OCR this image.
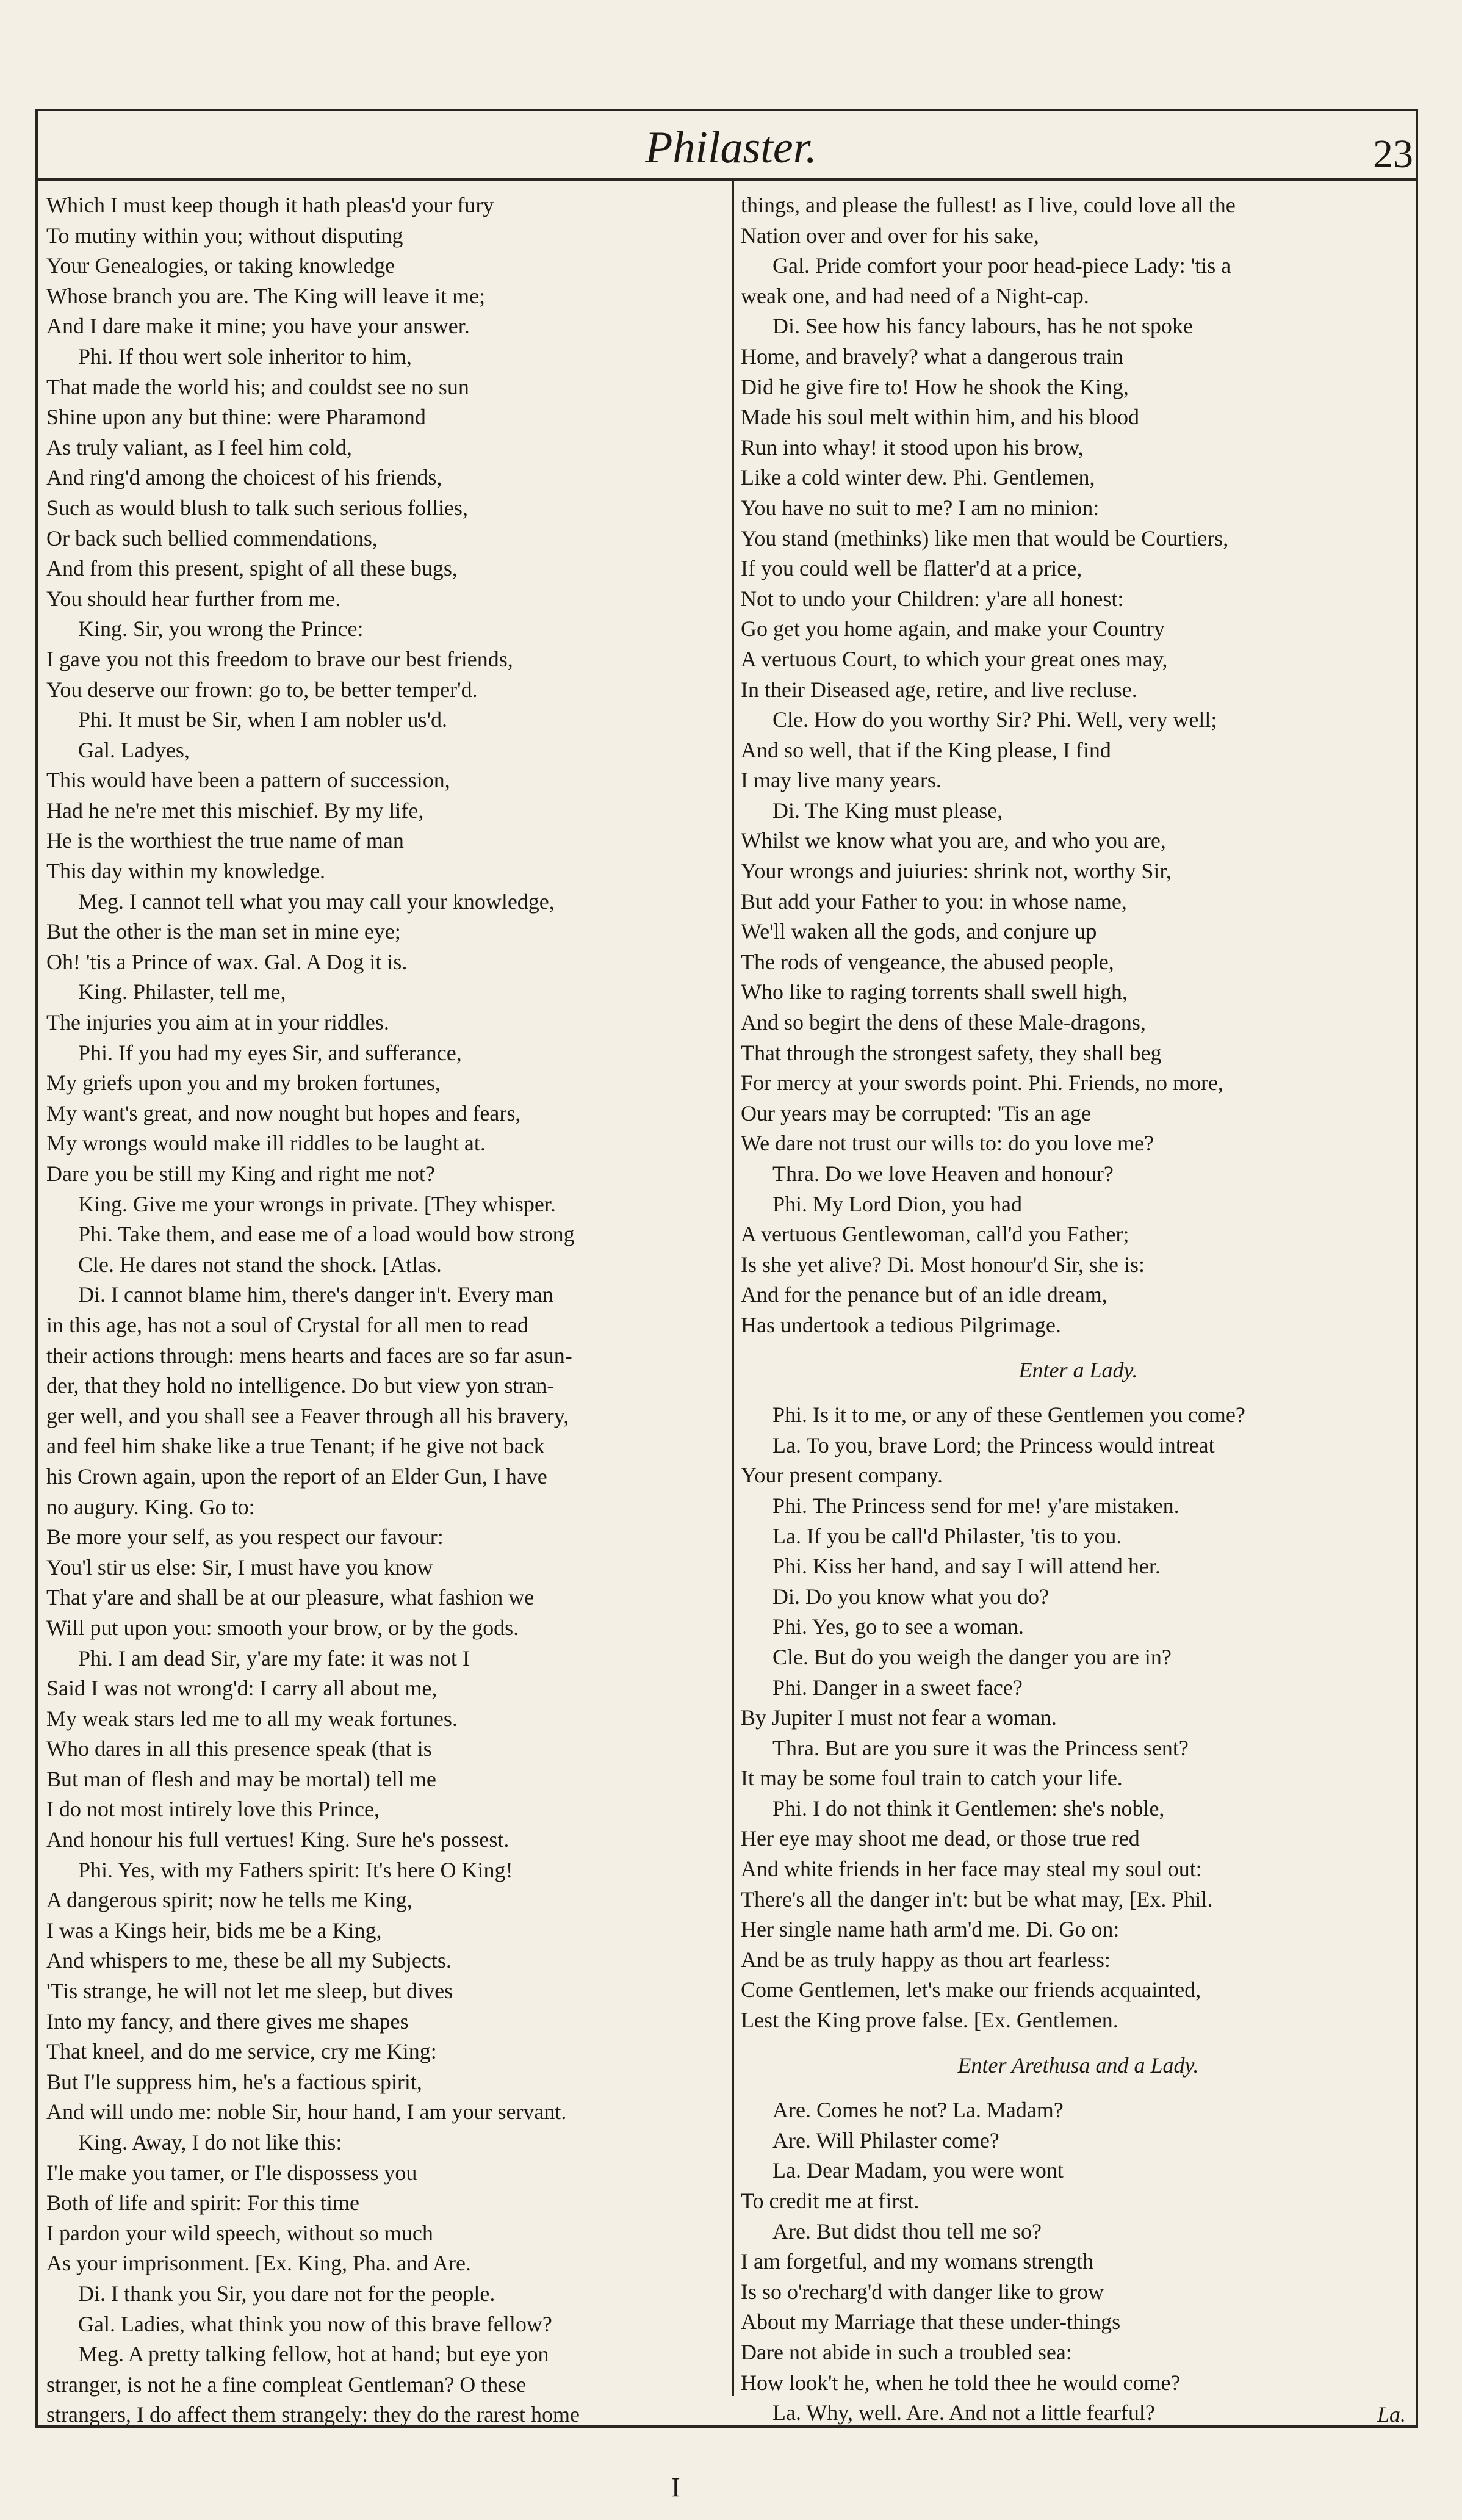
Philaster.	23
Which I must keep though it hath pleas'd your fury
To mutiny within you; without disputing
Your Genealogies, or taking knowledge
Whose branch you are. The King will leave it me;
And I dare make it mine; you have your answer.
Phi. If thou wert sole inheritor to him,
That made the world his; and couldst see no sun
Shine upon any but thine: were Pharamond
As truly valiant, as I feel him cold,
And ring'd among the choicest of his friends,
Such as would blush to talk such serious follies,
Or back such bellied commendations,
And from this present, spight of all these bugs,
You should hear further from me.
King. Sir, you wrong the Prince:
I gave you not this freedom to brave our best friends,
You deserve our frown: go to, be better temper'd.
Phi. It must be Sir, when I am nobler us'd.
Gal. Ladyes,
This would have been a pattern of succession,
Had he ne're met this mischief. By my life,
He is the worthiest the true name of man
This day within my knowledge.
Meg. I cannot tell what you may call your knowledge,
But the other is the man set in mine eye;
Oh! 'tis a Prince of wax. Gal. A Dog it is.
King. Philaster, tell me,
The injuries you aim at in your riddles.
Phi. If you had my eyes Sir, and sufferance,
My griefs upon you and my broken fortunes,
My want's great, and now nought but hopes and fears,
My wrongs would make ill riddles to be laught at.
Dare you be still my King and right me not?
King. Give me your wrongs in private. [They whisper.
Phi. Take them, and ease me of a load would bow strong
Cle. He dares not stand the shock. [Atlas.
Di. I cannot blame him, there's danger in't. Every man
in this age, has not a soul of Crystal for all men to read
their actions through: mens hearts and faces are so far asun-
der, that they hold no intelligence. Do but view yon stran-
ger well, and you shall see a Feaver through all his bravery,
and feel him shake like a true Tenant; if he give not back
his Crown again, upon the report of an Elder Gun, I have
no augury. King. Go to:
Be more your self, as you respect our favour:
You'l stir us else: Sir, I must have you know
That y'are and shall be at our pleasure, what fashion we
Will put upon you: smooth your brow, or by the gods.
Phi. I am dead Sir, y'are my fate: it was not I
Said I was not wrong'd: I carry all about me,
My weak stars led me to all my weak fortunes.
Who dares in all this presence speak (that is
But man of flesh and may be mortal) tell me
I do not most intirely love this Prince,
And honour his full vertues! King. Sure he's possest.
Phi. Yes, with my Fathers spirit: It's here O King!
A dangerous spirit; now he tells me King,
I was a Kings heir, bids me be a King,
And whispers to me, these be all my Subjects.
'Tis strange, he will not let me sleep, but dives
Into my fancy, and there gives me shapes
That kneel, and do me service, cry me King:
But I'le suppress him, he's a factious spirit,
And will undo me: noble Sir, hour hand, I am your servant.
King. Away, I do not like this:
I'le make you tamer, or I'le dispossess you
Both of life and spirit: For this time
I pardon your wild speech, without so much
As your imprisonment. [Ex. King, Pha. and Are.
Di. I thank you Sir, you dare not for the people.
Gal. Ladies, what think you now of this brave fellow?
Meg. A pretty talking fellow, hot at hand; but eye yon
stranger, is not he a fine compleat Gentleman? O these
strangers, I do affect them strangely: they do the rarest home
things, and please the fullest! as I live, could love all the
Nation over and over for his sake,
Gal. Pride comfort your poor head-piece Lady: 'tis a
weak one, and had need of a Night-cap.
Di. See how his fancy labours, has he not spoke
Home, and bravely? what a dangerous train
Did he give fire to! How he shook the King,
Made his soul melt within him, and his blood
Run into whay! it stood upon his brow,
Like a cold winter dew. Phi. Gentlemen,
You have no suit to me? I am no minion:
You stand (methinks) like men that would be Courtiers,
If you could well be flatter'd at a price,
Not to undo your Children: y'are all honest:
Go get you home again, and make your Country
A vertuous Court, to which your great ones may,
In their Diseased age, retire, and live recluse.
Cle. How do you worthy Sir? Phi. Well, very well;
And so well, that if the King please, I find
I may live many years.
Di. The King must please,
Whilst we know what you are, and who you are,
Your wrongs and juiuries: shrink not, worthy Sir,
But add your Father to you: in whose name,
We'll waken all the gods, and conjure up
The rods of vengeance, the abused people,
Who like to raging torrents shall swell high,
And so begirt the dens of these Male-dragons,
That through the strongest safety, they shall beg
For mercy at your swords point. Phi. Friends, no more,
Our years may be corrupted: 'Tis an age
We dare not trust our wills to: do you love me?
Thra. Do we love Heaven and honour?
Phi. My Lord Dion, you had
A vertuous Gentlewoman, call'd you Father;
Is she yet alive? Di. Most honour'd Sir, she is:
And for the penance but of an idle dream,
Has undertook a tedious Pilgrimage.
Enter a Lady.
Phi. Is it to me, or any of these Gentlemen you come?
La. To you, brave Lord; the Princess would intreat
Your present company.
Phi. The Princess send for me! y'are mistaken.
La. If you be call'd Philaster, 'tis to you.
Phi. Kiss her hand, and say I will attend her.
Di. Do you know what you do?
Phi. Yes, go to see a woman.
Cle. But do you weigh the danger you are in?
Phi. Danger in a sweet face?
By Jupiter I must not fear a woman.
Thra. But are you sure it was the Princess sent?
It may be some foul train to catch your life.
Phi. I do not think it Gentlemen: she's noble,
Her eye may shoot me dead, or those true red
And white friends in her face may steal my soul out:
There's all the danger in't: but be what may, [Ex. Phil.
Her single name hath arm'd me. Di. Go on:
And be as truly happy as thou art fearless:
Come Gentlemen, let's make our friends acquainted,
Lest the King prove false. [Ex. Gentlemen.
Enter Arethusa and a Lady.
Are. Comes he not? La. Madam?
Are. Will Philaster come?
La. Dear Madam, you were wont
To credit me at first.
Are. But didst thou tell me so?
I am forgetful, and my womans strength
Is so o'recharg'd with danger like to grow
About my Marriage that these under-things
Dare not abide in such a troubled sea:
How look't he, when he told thee he would come?
La. Why, well. Are. And not a little fearful?	La.
I
